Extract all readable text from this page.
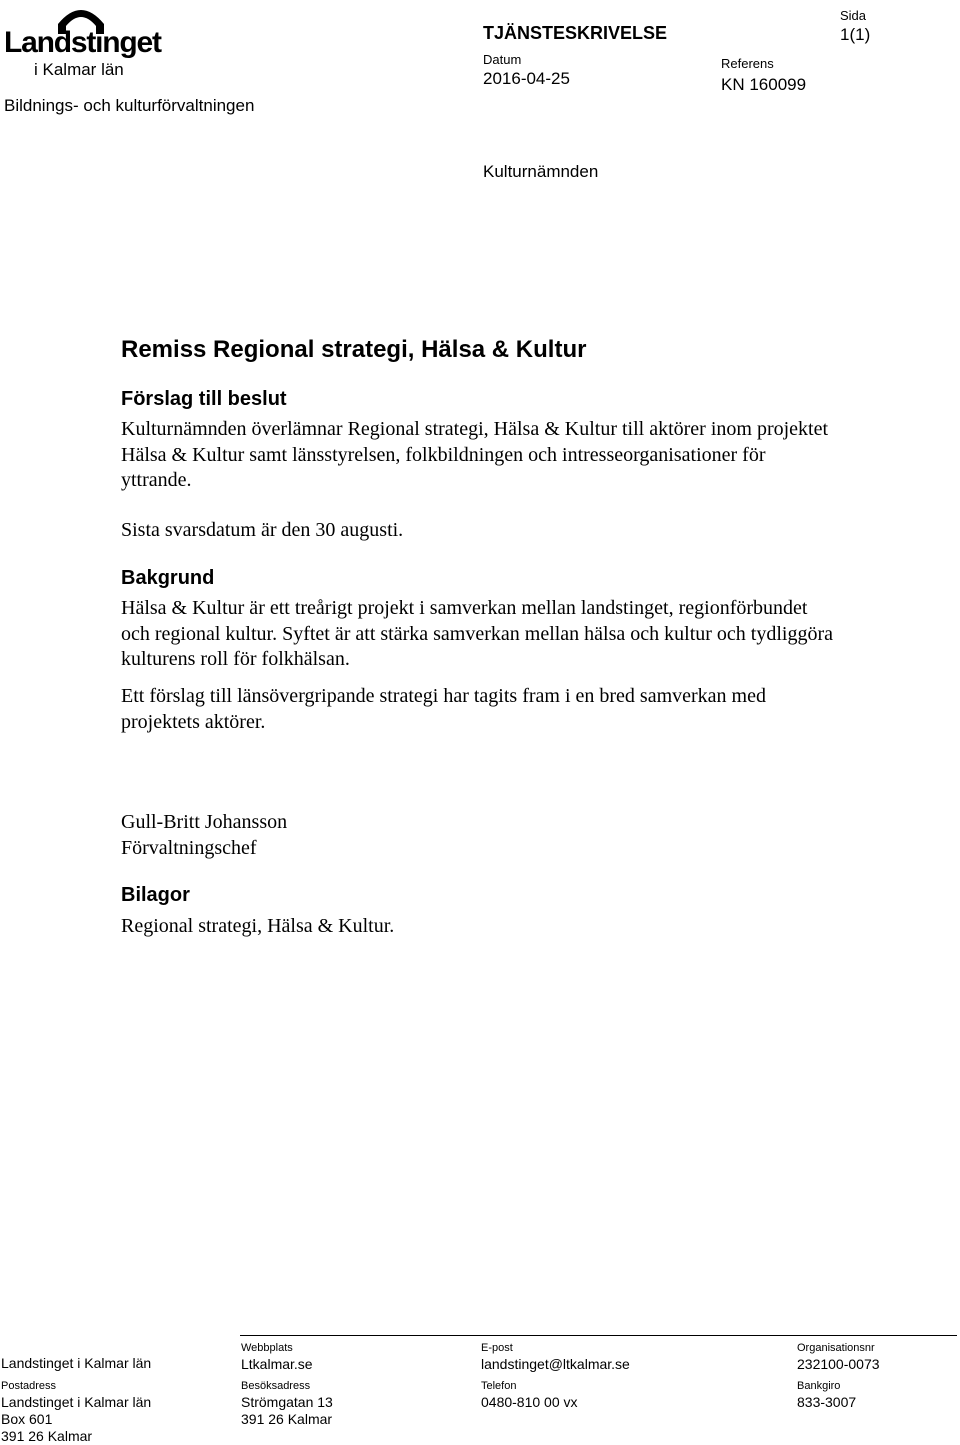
Landstinget
i Kalmar län
Bildnings- och kulturförvaltningen
TJÄNSTESKRIVELSE
Datum
2016-04-25
Referens
KN 160099
Sida
1(1)
Kulturnämnden
Remiss Regional strategi, Hälsa & Kultur
Förslag till beslut

Kulturnämnden överlämnar Regional strategi, Hälsa & Kultur till aktörer inom projektet Hälsa & Kultur samt länsstyrelsen, folkbildningen och intresseorganisationer för yttrande.

Sista svarsdatum är den 30 augusti.

Bakgrund

Hälsa & Kultur är ett treårigt projekt i samverkan mellan landstinget, regionförbundet och regional kultur. Syftet är att stärka samverkan mellan hälsa och kultur och tydliggöra kulturens roll för folkhälsan.

Ett förslag till länsövergripande strategi har tagits fram i en bred samverkan med projektets aktörer.

Gull-Britt Johansson
Förvaltningschef
Bilagor
Regional strategi, Hälsa & Kultur.
Landstinget i Kalmar län
Webbplats
Ltkalmar.se
E-post
landstinget@ltkalmar.se
Organisationsnr
232100-0073
Postadress
Landstinget i Kalmar län
Box 601
391 26 Kalmar
Besöksadress
Strömgatan 13
391 26 Kalmar
Telefon
0480-810 00 vx
Bankgiro
833-3007
